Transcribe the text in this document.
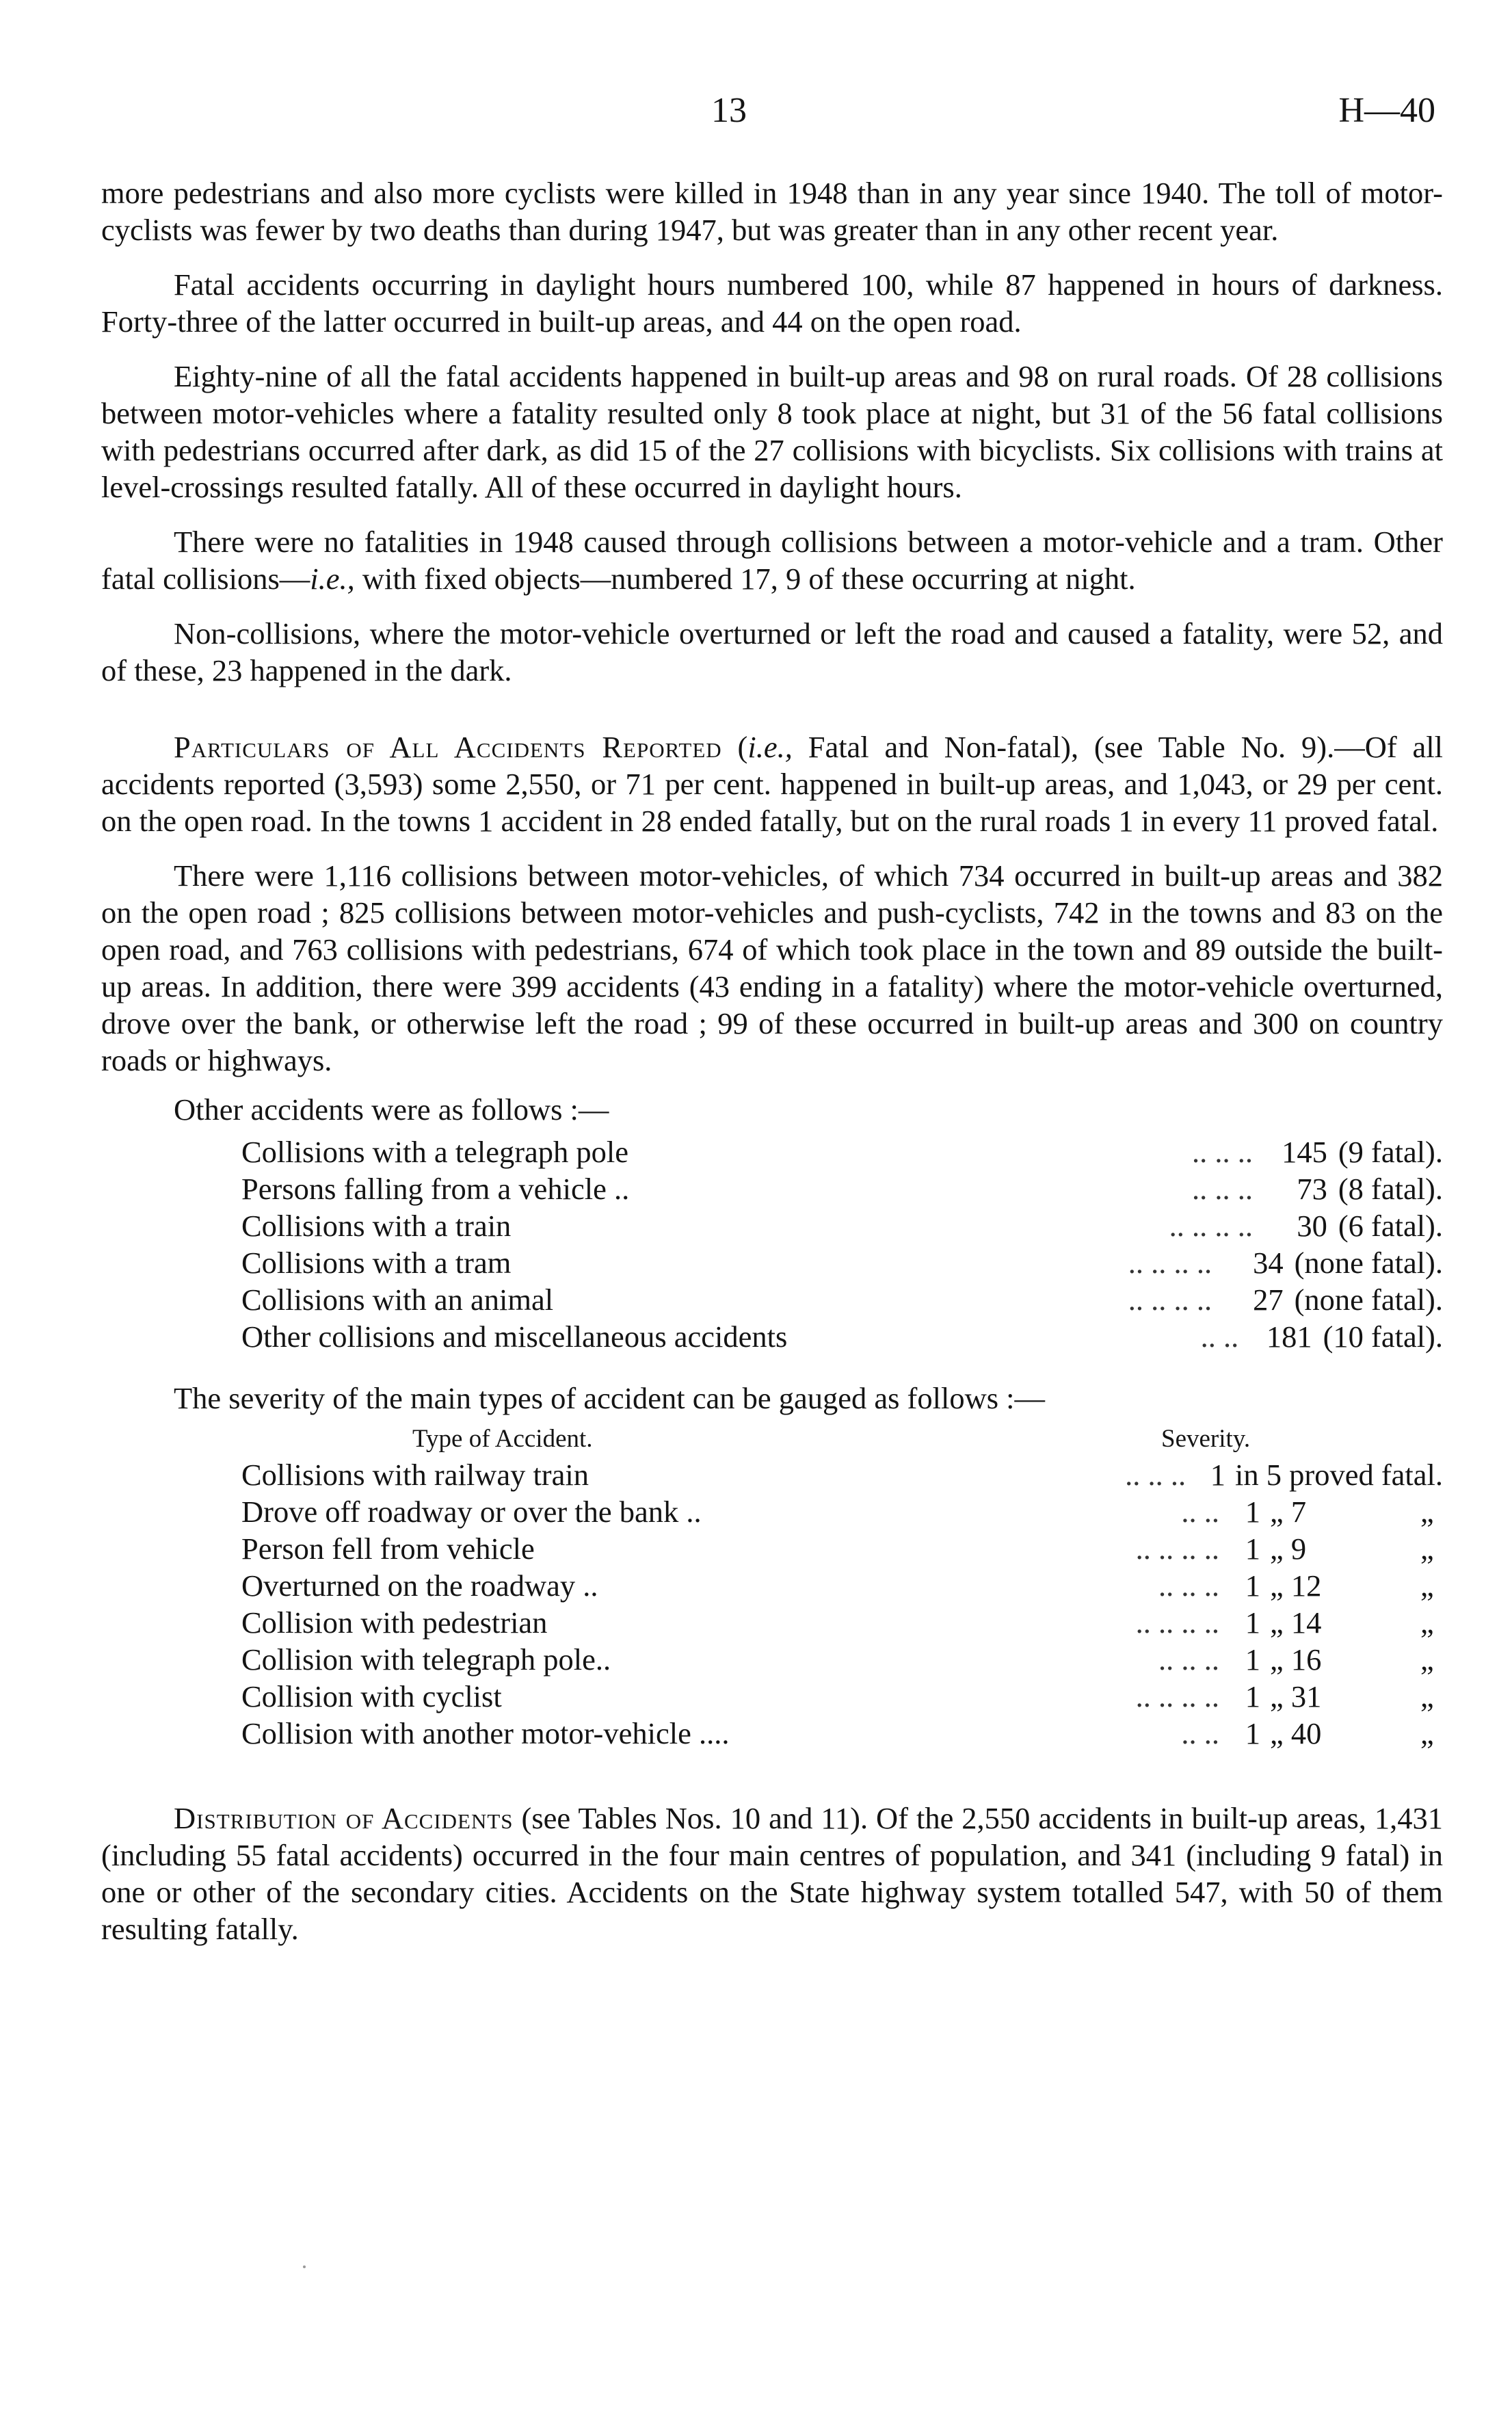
13	H—40

more pedestrians and also more cyclists were killed in 1948 than in any year since 1940. The toll of motor-cyclists was fewer by two deaths than during 1947, but was greater than in any other recent year.

Fatal accidents occurring in daylight hours numbered 100, while 87 happened in hours of darkness. Forty-three of the latter occurred in built-up areas, and 44 on the open road.

Eighty-nine of all the fatal accidents happened in built-up areas and 98 on rural roads. Of 28 collisions between motor-vehicles where a fatality resulted only 8 took place at night, but 31 of the 56 fatal collisions with pedestrians occurred after dark, as did 15 of the 27 collisions with bicyclists. Six collisions with trains at level-crossings resulted fatally. All of these occurred in daylight hours.

There were no fatalities in 1948 caused through collisions between a motor-vehicle and a tram. Other fatal collisions—i.e., with fixed objects—numbered 17, 9 of these occurring at night.

Non-collisions, where the motor-vehicle overturned or left the road and caused a fatality, were 52, and of these, 23 happened in the dark.

Particulars of All Accidents Reported (i.e., Fatal and Non-fatal), (see Table No. 9).—Of all accidents reported (3,593) some 2,550, or 71 per cent. happened in built-up areas, and 1,043, or 29 per cent. on the open road. In the towns 1 accident in 28 ended fatally, but on the rural roads 1 in every 11 proved fatal.

There were 1,116 collisions between motor-vehicles, of which 734 occurred in built-up areas and 382 on the open road ; 825 collisions between motor-vehicles and push-cyclists, 742 in the towns and 83 on the open road, and 763 collisions with pedestrians, 674 of which took place in the town and 89 outside the built-up areas. In addition, there were 399 accidents (43 ending in a fatality) where the motor-vehicle overturned, drove over the bank, or otherwise left the road ; 99 of these occurred in built-up areas and 300 on country roads or highways.

Other accidents were as follows :—

Collisions with a telegraph pole	.. .. .. 145 (9 fatal).
Persons falling from a vehicle ..	.. .. ..	73 (8 fatal).
Collisions with a train	.. .. .. ..	30 (6 fatal).
Collisions with a tram	.. .. .. ..	34 (none fatal).
Collisions with an animal	.. .. .. ..	27 (none fatal).
Other collisions and miscellaneous accidents	.. .. 181 (10 fatal).

The severity of the main types of accident can be gauged as follows :—

Type of Accident.	Severity.
Collisions with railway train	.. .. .. 1 in 5 proved fatal.
Drove off roadway or over the bank ..	.. .. 1 „ 7	„
Person fell from vehicle	.. .. .. .. 1 „ 9	„
Overturned on the roadway ..	.. .. .. 1 „ 12	„
Collision with pedestrian	.. .. .. .. 1 „ 14	„
Collision with telegraph pole..	.. .. .. 1 „ 16	„
Collision with cyclist	.. .. .. .. 1 „ 31	„
Collision with another motor-vehicle ....	.. .. 1 „ 40	„

Distribution of Accidents (see Tables Nos. 10 and 11). Of the 2,550 accidents in built-up areas, 1,431 (including 55 fatal accidents) occurred in the four main centres of population, and 341 (including 9 fatal) in one or other of the secondary cities. Accidents on the State highway system totalled 547, with 50 of them resulting fatally.
